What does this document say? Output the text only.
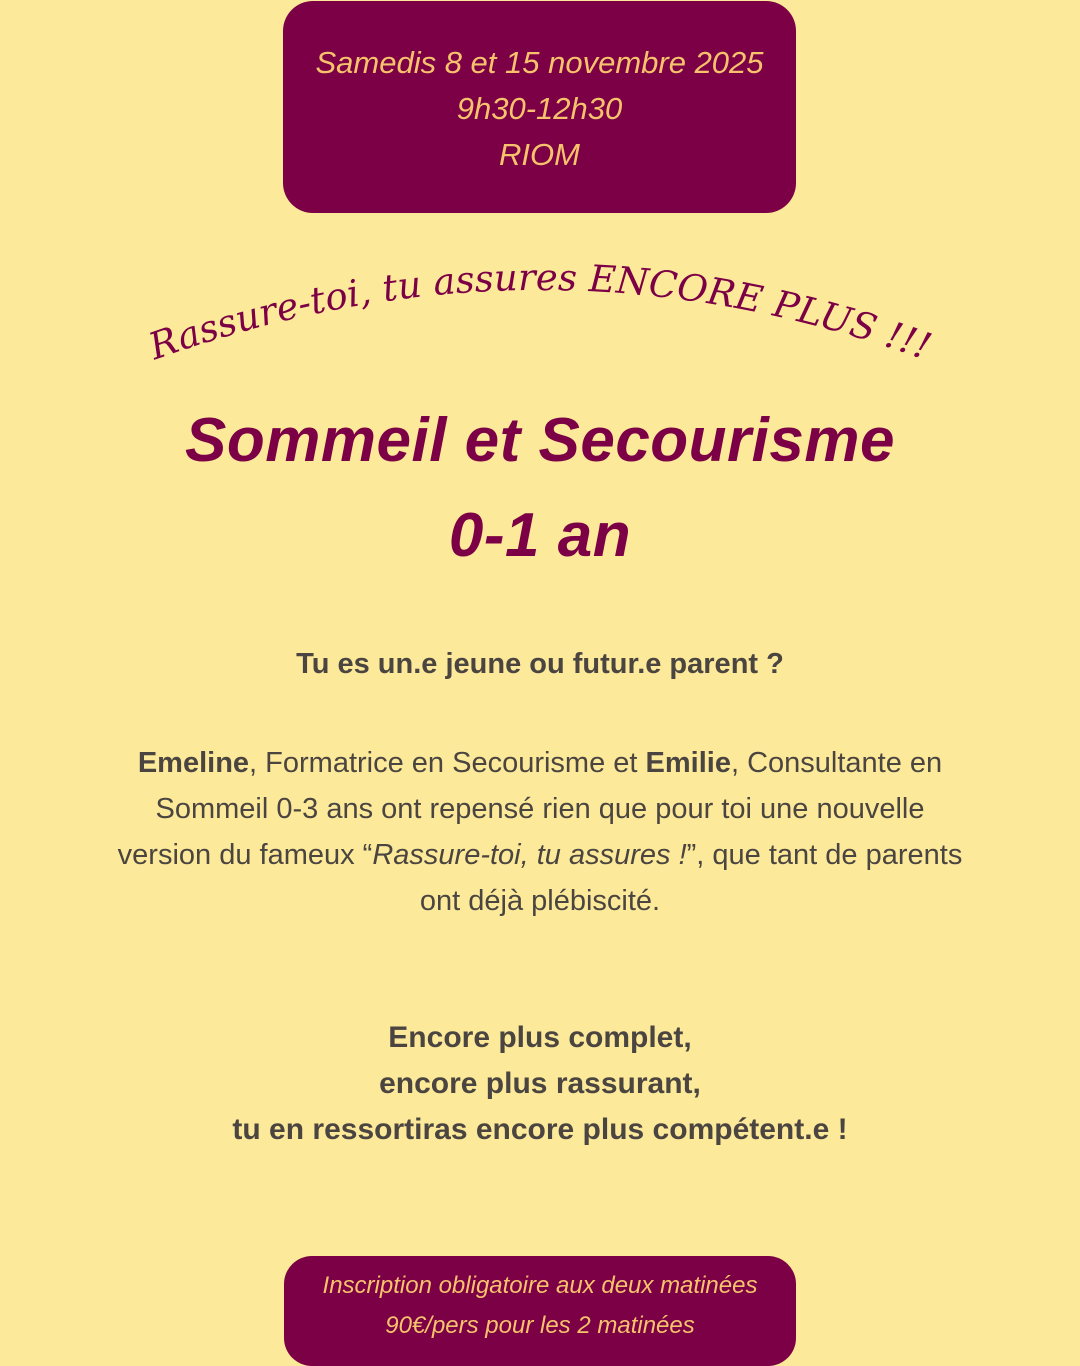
Samedis 8 et 15 novembre 2025
9h30-12h30
RIOM
Rassure-toi, tu assures ENCORE PLUS !!!
Sommeil et Secourisme
0-1 an
Tu es un.e jeune ou futur.e parent ?
Emeline, Formatrice en Secourisme et Emilie, Consultante en Sommeil 0-3 ans ont repensé rien que pour toi une nouvelle version du fameux “Rassure-toi, tu assures !”, que tant de parents ont déjà plébiscité.
Encore plus complet,
encore plus rassurant,
tu en ressortiras encore plus compétent.e !
Inscription obligatoire aux deux matinées
90€/pers pour les 2 matinées
